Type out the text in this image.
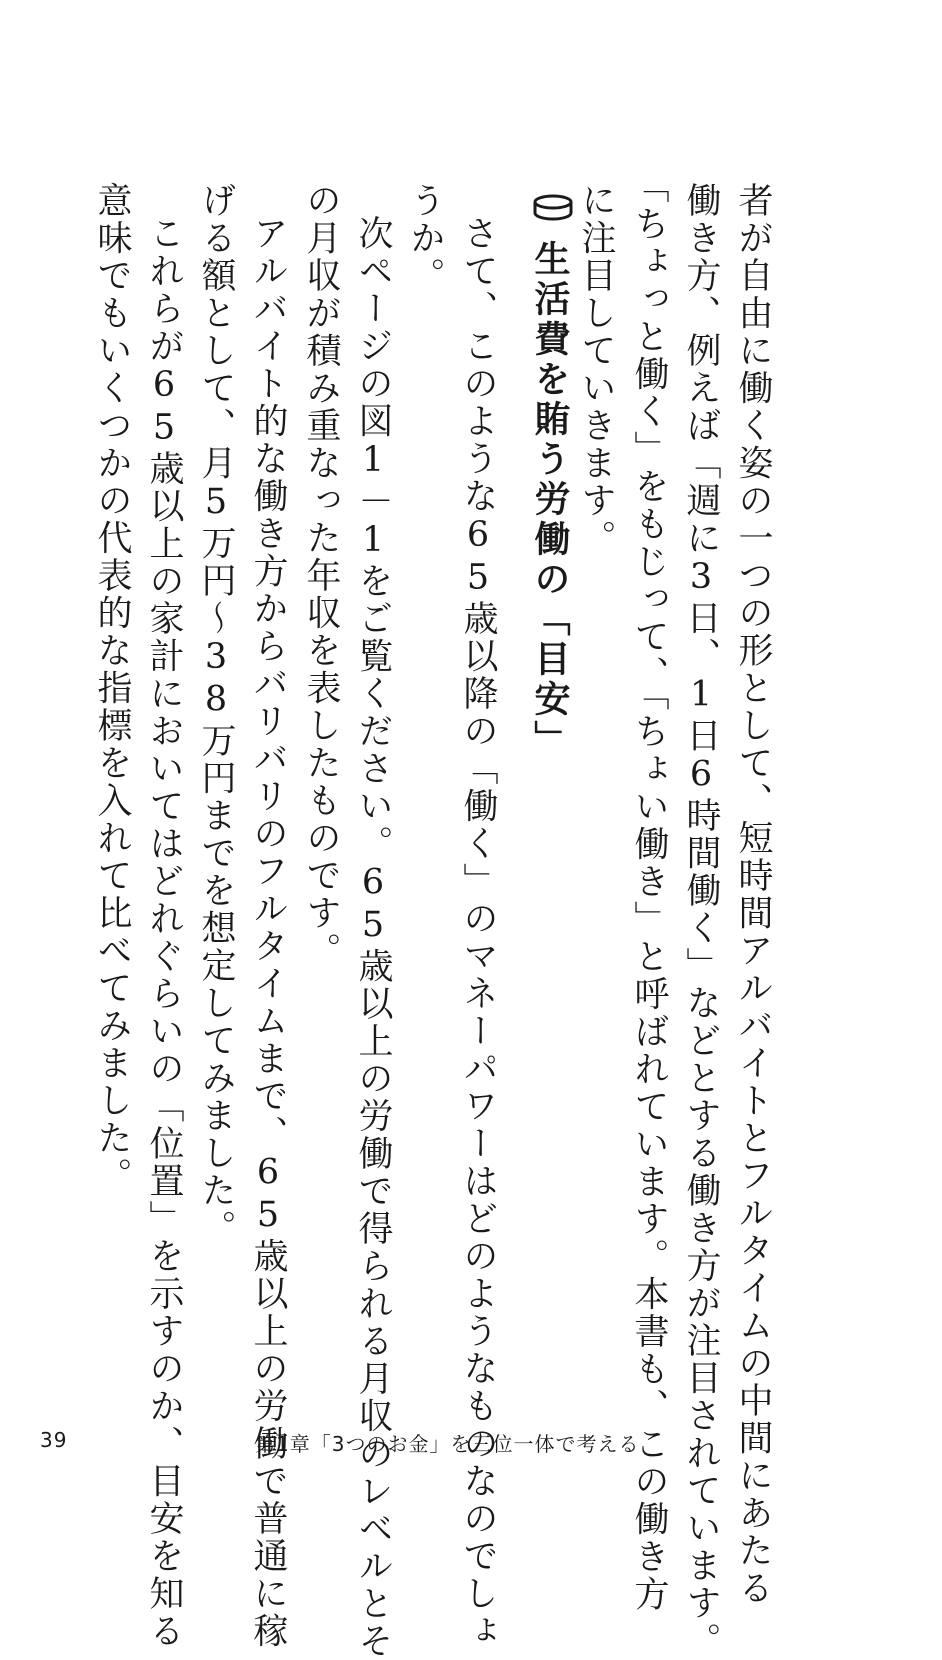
者が自由に働く姿の一つの形として、短時間アルバイトとフルタイムの中間にあたる
働き方、例えば「週に3日、1日6時間働く」などとする働き方が注目されています。
「ちょっと働く」をもじって、「ちょい働き」と呼ばれています。本書も、この働き方
に注目していきます。
生活費を賄う労働の「目安」
さて、このような65歳以降の「働く」のマネーパワーはどのようなものなのでしょ
うか。
次ページの図1－1をご覧ください。65歳以上の労働で得られる月収のレベルとそ
の月収が積み重なった年収を表したものです。
アルバイト的な働き方からバリバリのフルタイムまで、65歳以上の労働で普通に稼
げる額として、月5万円～38万円までを想定してみました。
これらが65歳以上の家計においてはどれぐらいの「位置」を示すのか、目安を知る
意味でもいくつかの代表的な指標を入れて比べてみました。
39	第1章「3つのお金」を三位一体で考える
